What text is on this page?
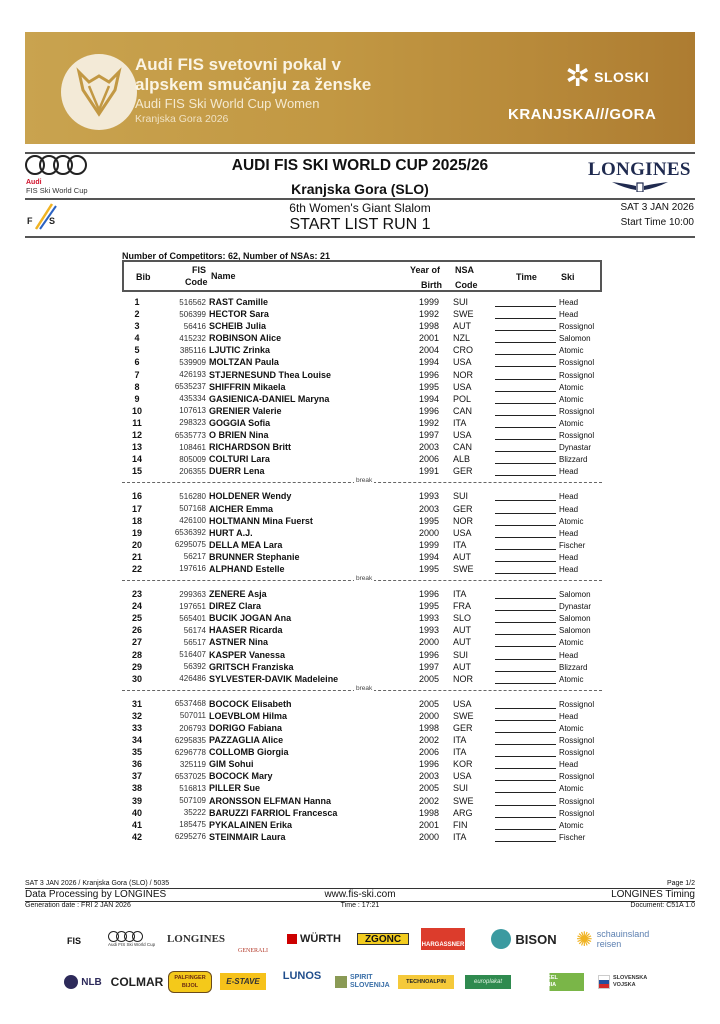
Audi FIS svetovni pokal v
alpskem smučanju za ženske
Audi FIS Ski World Cup Women
Kranjska Gora 2026
✲ SLOSKI
KRANJSKA///GORA
Audi
FIS Ski World Cup
AUDI FIS SKI WORLD CUP 2025/26
Kranjska Gora (SLO)
LONGINES
F S
6th Women's Giant Slalom
START LIST RUN 1
SAT 3 JAN 2026
Start Time 10:00
Number of Competitors: 62, Number of NSAs: 21
Bib
FIS
Code
Name
Year of
Birth
NSA
Code
Time	Ski
1	516562 RAST Camille	1999 SUI	Head
2	506399 HECTOR Sara	1992 SWE	Head
3	56416 SCHEIB Julia	1998 AUT	Rossignol
4	415232 ROBINSON Alice	2001 NZL	Salomon
5	385116 LJUTIC Zrinka	2004 CRO	Atomic
6	539909 MOLTZAN Paula	1994 USA	Rossignol
7	426193 STJERNESUND Thea Louise	1996 NOR	Rossignol
8	6535237 SHIFFRIN Mikaela	1995 USA	Atomic
9	435334 GASIENICA-DANIEL Maryna	1994 POL	Atomic
10	107613 GRENIER Valerie	1996 CAN	Rossignol
11	298323 GOGGIA Sofia	1992 ITA	Atomic
12	6535773 O BRIEN Nina	1997 USA	Rossignol
13	108461 RICHARDSON Britt	2003 CAN	Dynastar
14	805009 COLTURI Lara	2006 ALB	Blizzard
15	206355 DUERR Lena	1991 GER	Head
break
16	516280 HOLDENER Wendy	1993 SUI	Head
17	507168 AICHER Emma	2003 GER	Head
18	426100 HOLTMANN Mina Fuerst	1995 NOR	Atomic
19	6536392 HURT A.J.	2000 USA	Head
20	6295075 DELLA MEA Lara	1999 ITA	Fischer
21	56217 BRUNNER Stephanie	1994 AUT	Head
22	197616 ALPHAND Estelle	1995 SWE	Head
break
23	299363 ZENERE Asja	1996 ITA	Salomon
24	197651 DIREZ Clara	1995 FRA	Dynastar
25	565401 BUCIK JOGAN Ana	1993 SLO	Salomon
26	56174 HAASER Ricarda	1993 AUT	Salomon
27	56517 ASTNER Nina	2000 AUT	Atomic
28	516407 KASPER Vanessa	1996 SUI	Head
29	56392 GRITSCH Franziska	1997 AUT	Blizzard
30	426486 SYLVESTER-DAVIK Madeleine	2005 NOR	Atomic
break
31	6537468 BOCOCK Elisabeth	2005 USA	Rossignol
32	507011 LOEVBLOM Hilma	2000 SWE	Head
33	206793 DORIGO Fabiana	1998 GER	Atomic
34	6295835 PAZZAGLIA Alice	2002 ITA	Rossignol
35	6296778 COLLOMB Giorgia	2006 ITA	Rossignol
36	325119 GIM Sohui	1996 KOR	Head
37	6537025 BOCOCK Mary	2003 USA	Rossignol
38	516813 PILLER Sue	2005 SUI	Atomic
39	507109 ARONSSON ELFMAN Hanna	2002 SWE	Rossignol
40	35222 BARUZZI FARRIOL Francesca	1998 ARG	Rossignol
41	185475 PYKALAINEN Erika	2001 FIN	Atomic
42	6295276 STEINMAIR Laura	2000 ITA	Fischer
SAT 3 JAN 2026 / Kranjska Gora (SLO) / 5035	Page 1/2
Data Processing by LONGINES	www.fis-ski.com	LONGINES Timing
Generation date : FRI 2 JAN 2026	Time : 17:21	Document: C51A 1.0
FIS	Audi FIS Ski World Cup LONGINES
GENERALI
WÜRTH	ZGONC
HARGASSNER	BISON ✺ schauinsland reisen
NLB COLMAR	PALFINGER BIJOL	E-STAVE	LUNOS	SPIRIT SLOVENIJA	TECHNOALPIN	europlakat
STO I FEEL SLOVENIA
SLOVENSKA VOJSKA
